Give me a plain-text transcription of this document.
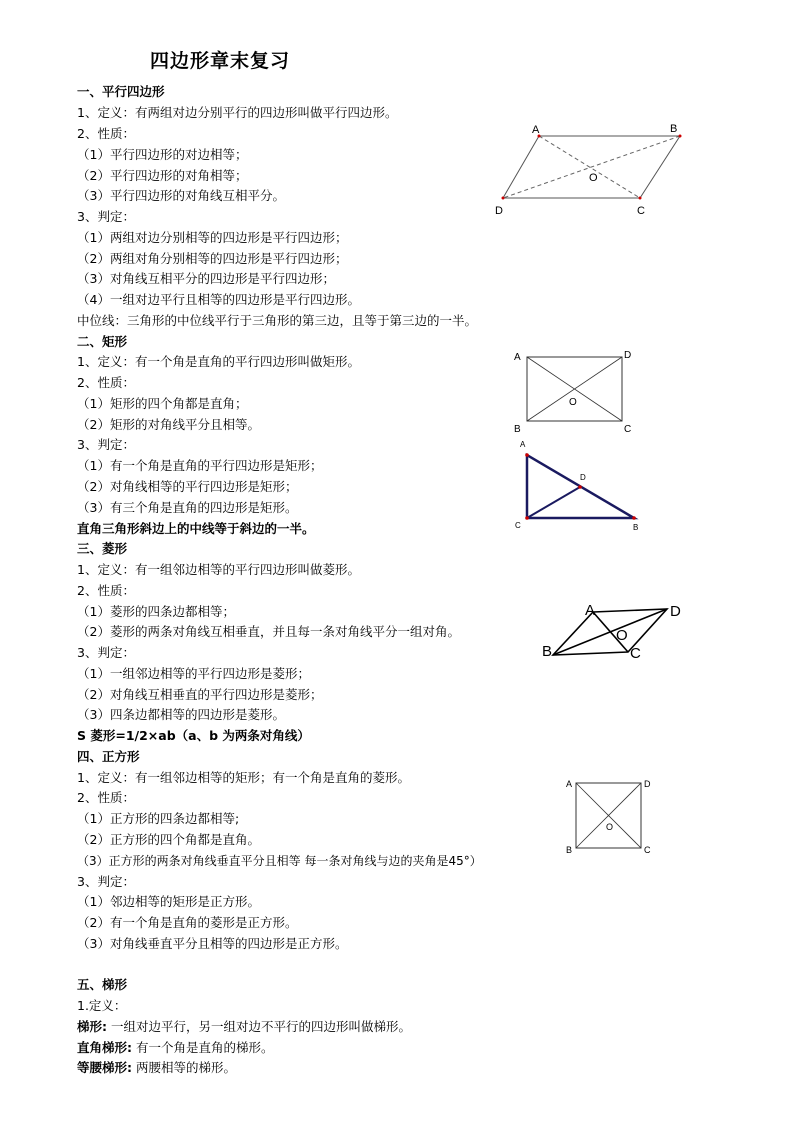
四边形章末复习
一、平行四边形
1、定义：有两组对边分别平行的四边形叫做平行四边形。
2、性质：
（1）平行四边形的对边相等；
（2）平行四边形的对角相等；
（3）平行四边形的对角线互相平分。
3、判定：
（1）两组对边分别相等的四边形是平行四边形；
（2）两组对角分别相等的四边形是平行四边形；
（3）对角线互相平分的四边形是平行四边形；
（4）一组对边平行且相等的四边形是平行四边形。
中位线：三角形的中位线平行于三角形的第三边，且等于第三边的一半。
二、矩形
1、定义：有一个角是直角的平行四边形叫做矩形。
2、性质：
（1）矩形的四个角都是直角；
（2）矩形的对角线平分且相等。
3、判定：
（1）有一个角是直角的平行四边形是矩形；
（2）对角线相等的平行四边形是矩形；
（3）有三个角是直角的四边形是矩形。
直角三角形斜边上的中线等于斜边的一半。
三、菱形
1、定义：有一组邻边相等的平行四边形叫做菱形。
2、性质：
（1）菱形的四条边都相等；
（2）菱形的两条对角线互相垂直，并且每一条对角线平分一组对角。
3、判定：
（1）一组邻边相等的平行四边形是菱形；
（2）对角线互相垂直的平行四边形是菱形；
（3）四条边都相等的四边形是菱形。
S 菱形=1/2×ab（a、b 为两条对角线）
四、正方形
1、定义：有一组邻边相等的矩形；有一个角是直角的菱形。
2、性质：
（1）正方形的四条边都相等;
（2）正方形的四个角都是直角。
（3）正方形的两条对角线垂直平分且相等 每一条对角线与边的夹角是45°）
3、判定：
（1）邻边相等的矩形是正方形。
（2）有一个角是直角的菱形是正方形。
（3）对角线垂直平分且相等的四边形是正方形。
五、梯形
1.定义：
梯形: 一组对边平行，另一组对边不平行的四边形叫做梯形。
直角梯形: 有一个角是直角的梯形。
等腰梯形: 两腰相等的梯形。
A	B
C
D
O
A	D
B	C
O
A
D
C	B
A	D
B	C
O
A	D
B	C
O
